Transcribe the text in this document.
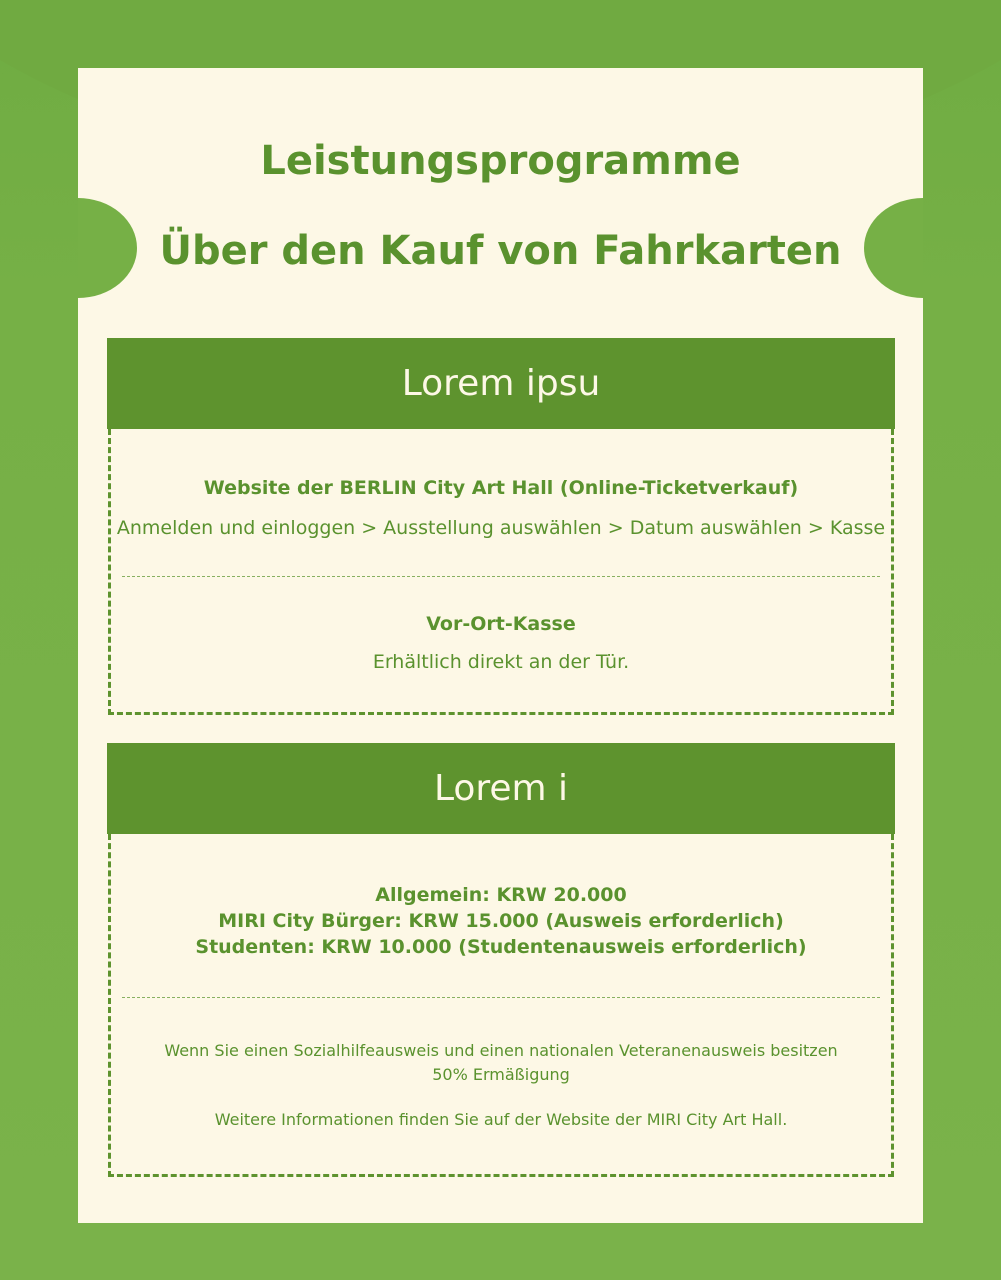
Leistungsprogramme
Über den Kauf von Fahrkarten
Lorem ipsu

Website der BERLIN City Art Hall (Online-Ticketverkauf)

Anmelden und einloggen > Ausstellung auswählen > Datum auswählen > Kasse

Vor-Ort-Kasse

Erhältlich direkt an der Tür.

Lorem i

Allgemein: KRW 20.000

MIRI City Bürger: KRW 15.000 (Ausweis erforderlich)

Studenten: KRW 10.000 (Studentenausweis erforderlich)

Wenn Sie einen Sozialhilfeausweis und einen nationalen Veteranenausweis besitzen

50% Ermäßigung

Weitere Informationen finden Sie auf der Website der MIRI City Art Hall.
